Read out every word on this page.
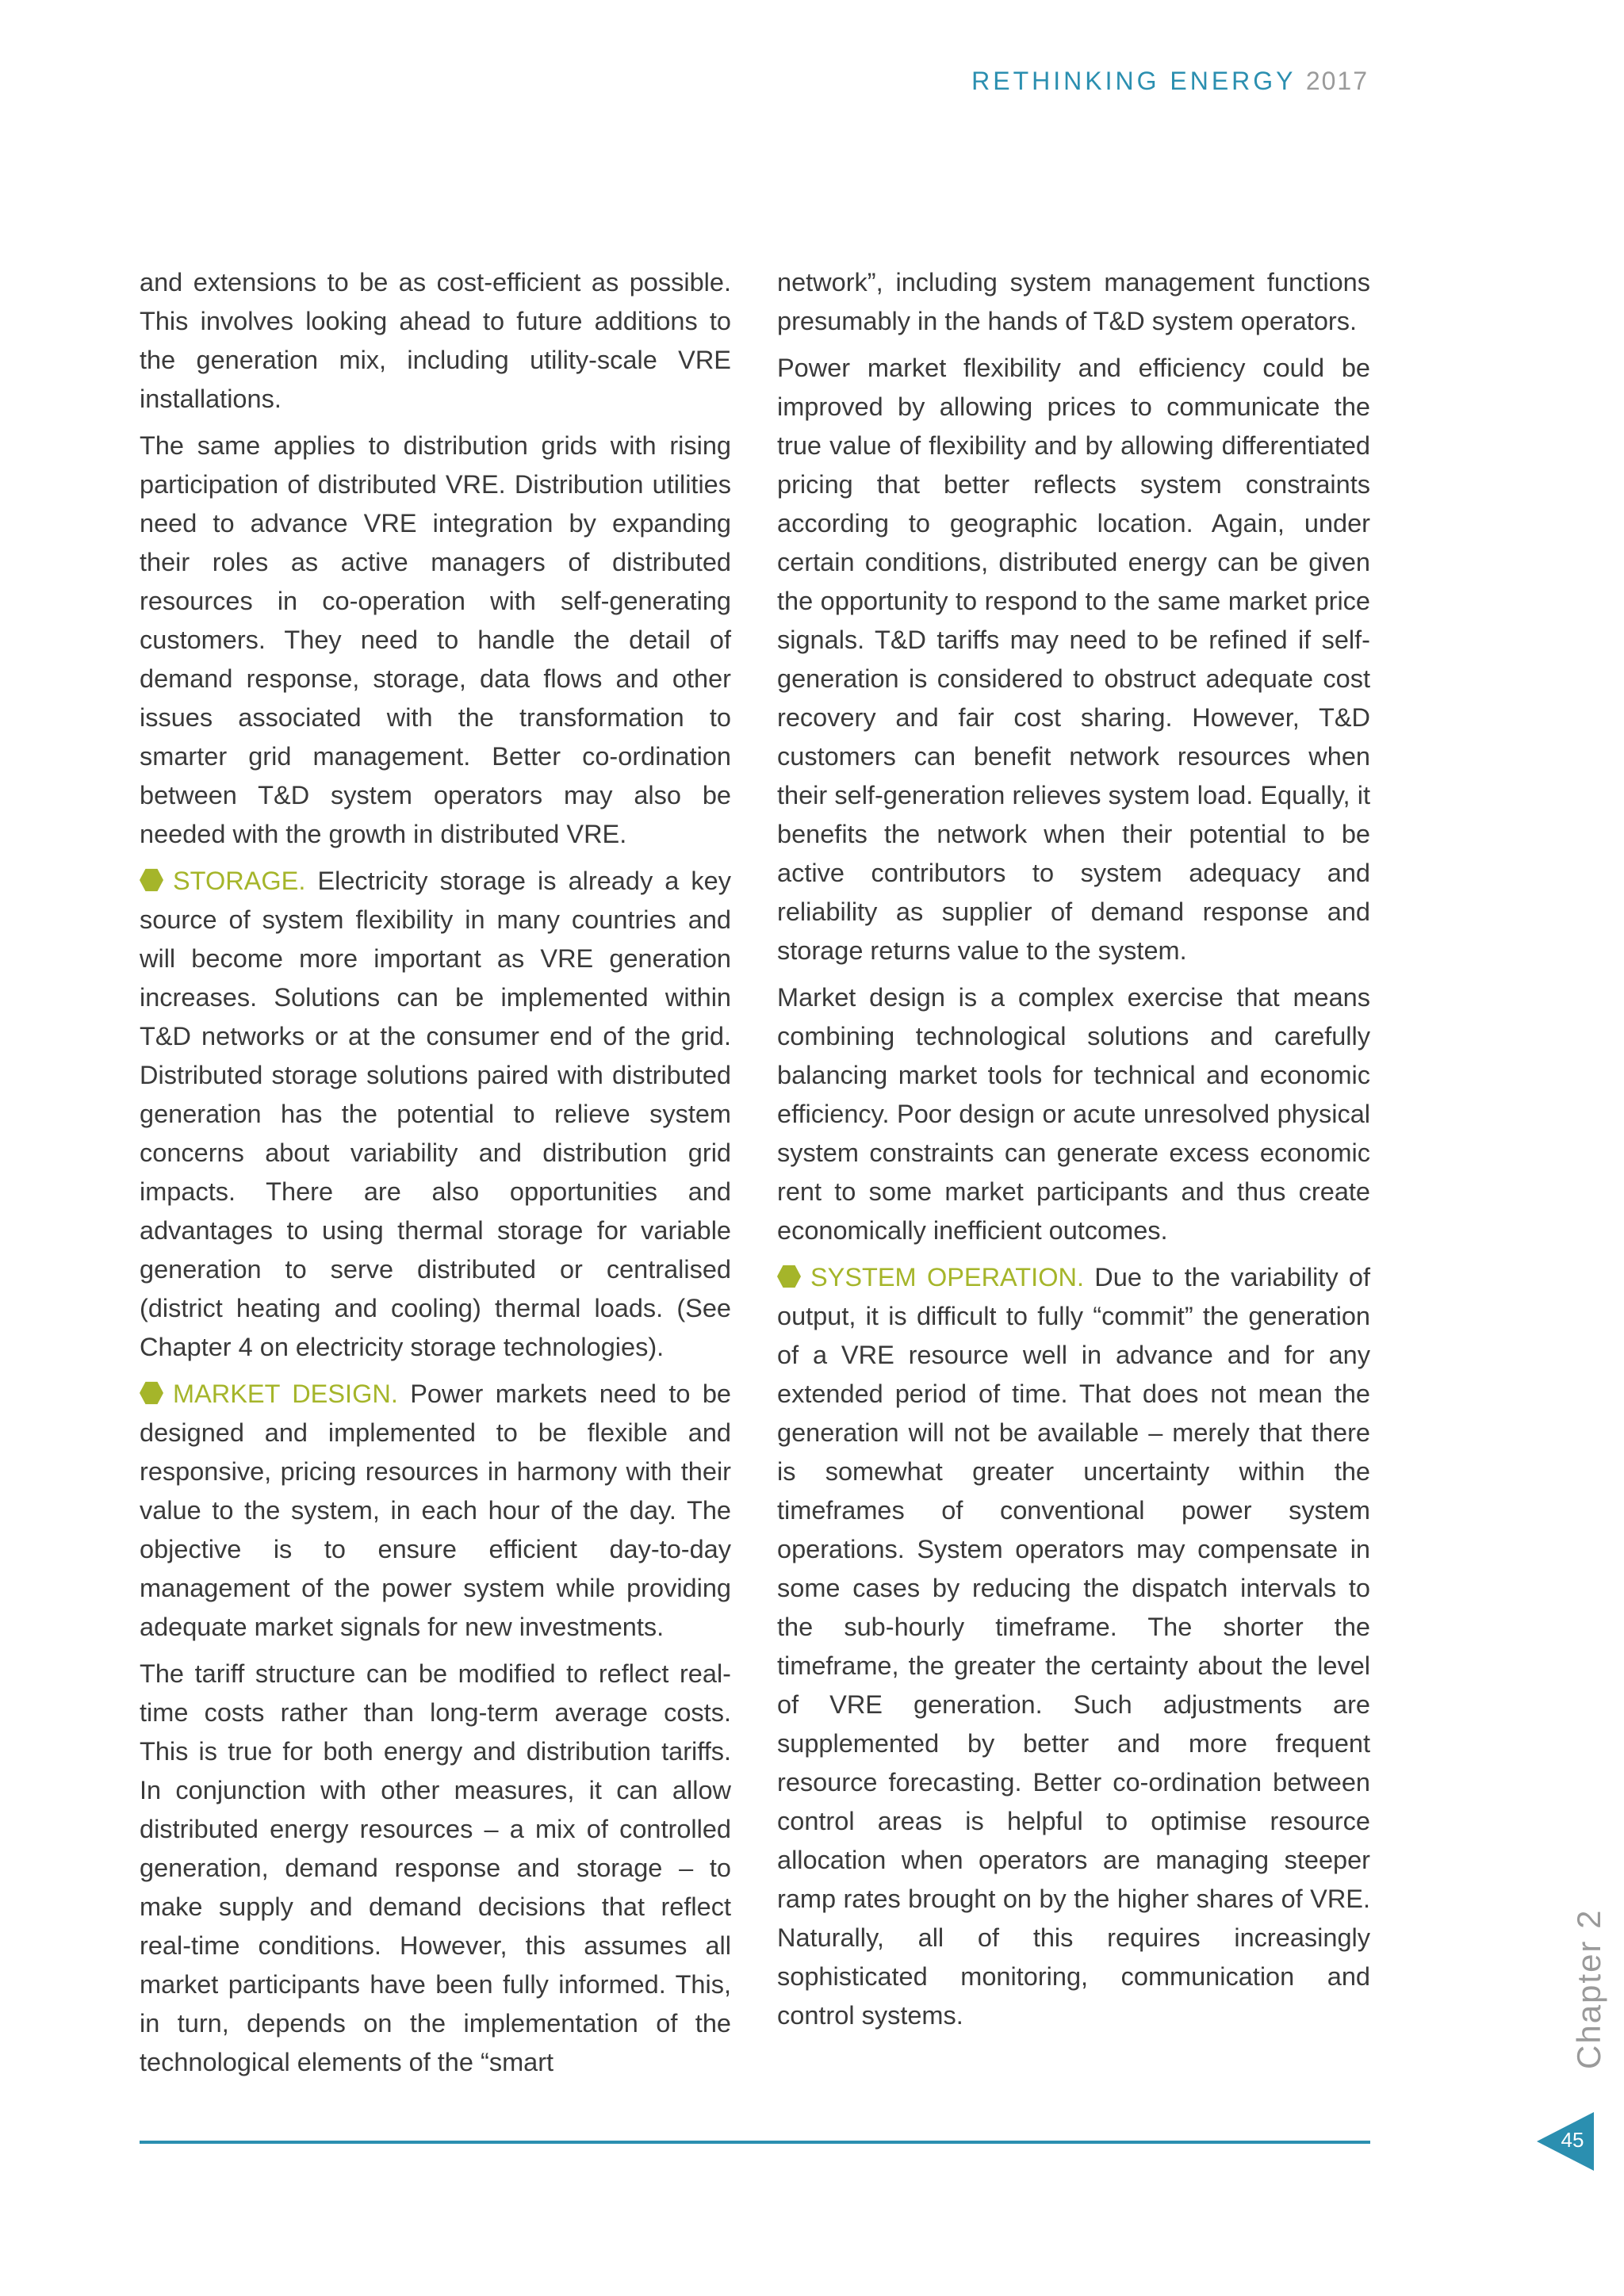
RETHINKING ENERGY 2017

and extensions to be as cost-efficient as possible. This involves looking ahead to future additions to the generation mix, including utility-scale VRE installations.

The same applies to distribution grids with rising participation of distributed VRE. Distribution utilities need to advance VRE integration by expanding their roles as active managers of distributed resources in co-operation with self-generating customers. They need to handle the detail of demand response, storage, data flows and other issues associated with the transformation to smarter grid management. Better co-ordination between T&D system operators may also be needed with the growth in distributed VRE.

STORAGE. Electricity storage is already a key source of system flexibility in many countries and will become more important as VRE generation increases. Solutions can be implemented within T&D networks or at the consumer end of the grid. Distributed storage solutions paired with distributed generation has the potential to relieve system concerns about variability and distribution grid impacts. There are also opportunities and advantages to using thermal storage for variable generation to serve distributed or centralised (district heating and cooling) thermal loads. (See Chapter 4 on electricity storage technologies).

MARKET DESIGN. Power markets need to be designed and implemented to be flexible and responsive, pricing resources in harmony with their value to the system, in each hour of the day. The objective is to ensure efficient day-to-day management of the power system while providing adequate market signals for new investments.

The tariff structure can be modified to reflect real-time costs rather than long-term average costs. This is true for both energy and distribution tariffs. In conjunction with other measures, it can allow distributed energy resources – a mix of controlled generation, demand response and storage – to make supply and demand decisions that reflect real-time conditions. However, this assumes all market participants have been fully informed. This, in turn, depends on the implementation of the technological elements of the “smart

network”, including system management functions presumably in the hands of T&D system operators.

Power market flexibility and efficiency could be improved by allowing prices to communicate the true value of flexibility and by allowing differentiated pricing that better reflects system constraints according to geographic location. Again, under certain conditions, distributed energy can be given the opportunity to respond to the same market price signals. T&D tariffs may need to be refined if self-generation is considered to obstruct adequate cost recovery and fair cost sharing. However, T&D customers can benefit network resources when their self-generation relieves system load. Equally, it benefits the network when their potential to be active contributors to system adequacy and reliability as supplier of demand response and storage returns value to the system.

Market design is a complex exercise that means combining technological solutions and carefully balancing market tools for technical and economic efficiency. Poor design or acute unresolved physical system constraints can generate excess economic rent to some market participants and thus create economically inefficient outcomes.

SYSTEM OPERATION. Due to the variability of output, it is difficult to fully “commit” the generation of a VRE resource well in advance and for any extended period of time. That does not mean the generation will not be available – merely that there is somewhat greater uncertainty within the timeframes of conventional power system operations. System operators may compensate in some cases by reducing the dispatch intervals to the sub-hourly timeframe. The shorter the timeframe, the greater the certainty about the level of VRE generation. Such adjustments are supplemented by better and more frequent resource forecasting. Better co-ordination between control areas is helpful to optimise resource allocation when operators are managing steeper ramp rates brought on by the higher shares of VRE. Naturally, all of this requires increasingly sophisticated monitoring, communication and control systems.	Chapter 2
45
